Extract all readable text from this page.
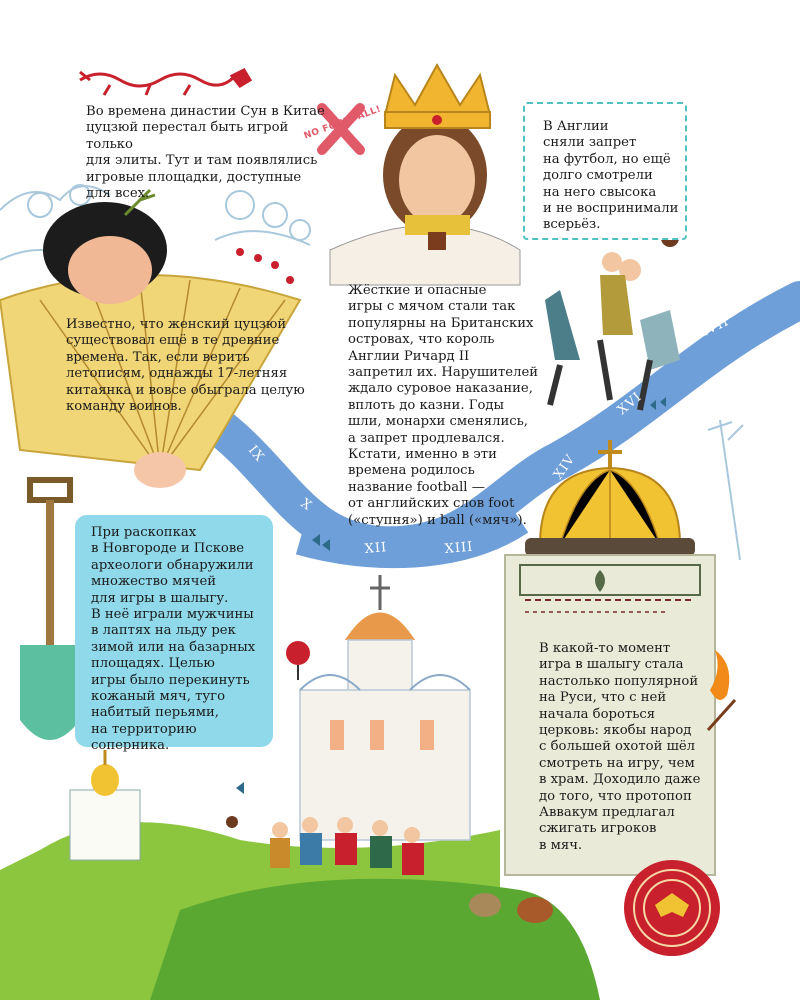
NO FOOTBALL!
IX
X
XII	XIII
XIV
XVI
XVII
Во времена династии Сун в Китае
цуцзюй перестал быть игрой только
для элиты. Тут и там появлялись
игровые площадки, доступные для всех.
Известно, что женский цуцзюй
существовал ещё в те древние
времена. Так, если верить
летописям, однажды 17-летняя
китаянка и вовсе обыграла целую
команду воинов.
В Англии
сняли запрет
на футбол, но ещё
долго смотрели
на него свысока
и не воспринимали
всерьёз.
Жёсткие и опасные
игры с мячом стали так
популярны на Британских
островах, что король
Англии Ричард II
запретил их. Нарушителей
ждало суровое наказание,
вплоть до казни. Годы
шли, монархи сменялись,
а запрет продлевался.
Кстати, именно в эти
времена родилось
название football —
от английских слов foot
(«ступня») и ball («мяч»).
При раскопках
в Новгороде и Пскове
археологи обнаружили
множество мячей
для игры в шалыгу.
В неё играли мужчины
в лаптях на льду рек
зимой или на базарных
площадях. Целью
игры было перекинуть
кожаный мяч, туго
набитый перьями,
на территорию
соперника.
В какой-то момент
игра в шалыгу стала
настолько популярной
на Руси, что с ней
начала бороться
церковь: якобы народ
с большей охотой шёл
смотреть на игру, чем
в храм. Доходило даже
до того, что протопоп
Аввакум предлагал
сжигать игроков
в мяч.
